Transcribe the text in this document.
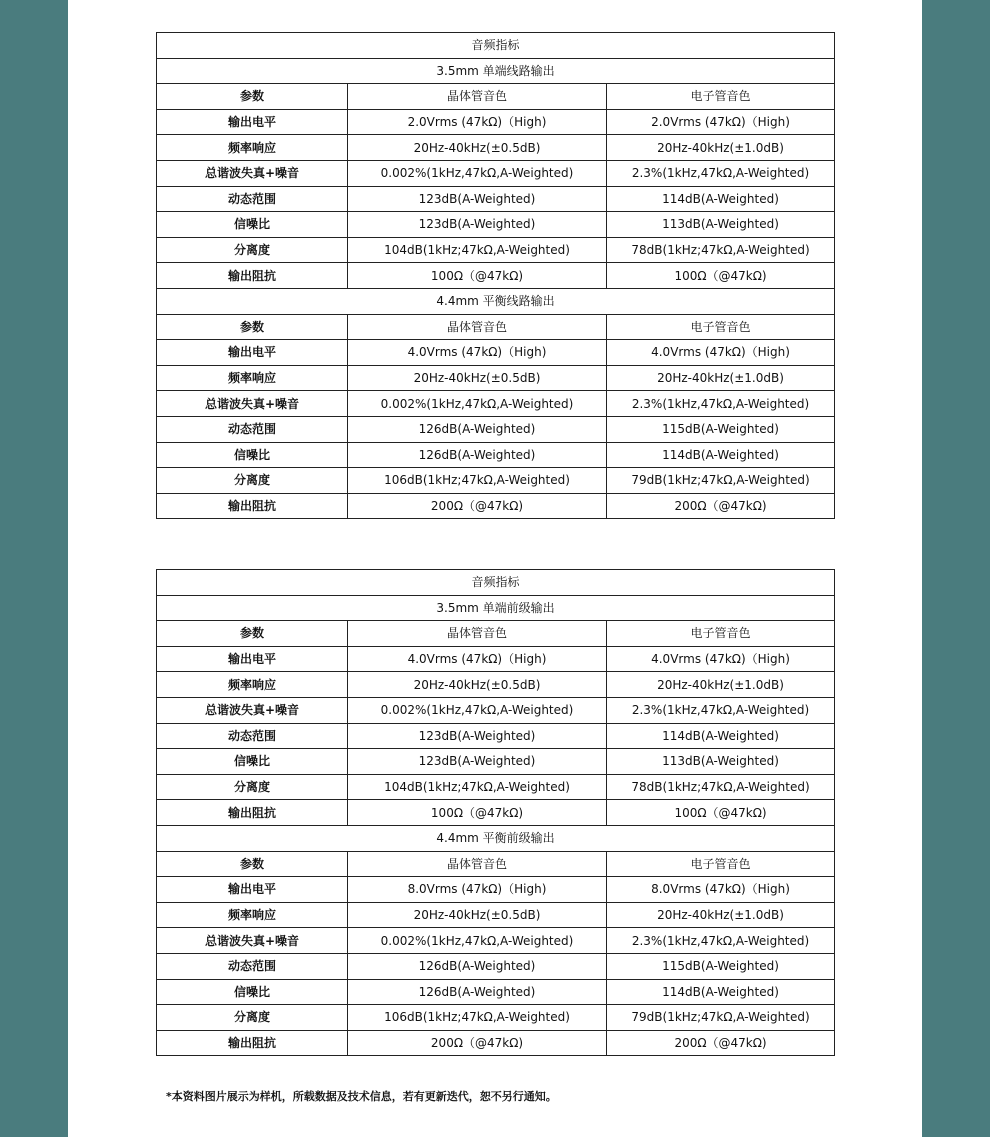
音频指标		
3.5mm 单端线路输出		
参数	晶体管音色	电子管音色
输出电平	2.0Vrms (47kΩ)（High)	2.0Vrms (47kΩ)（High)
频率响应	20Hz-40kHz(±0.5dB)	20Hz-40kHz(±1.0dB)
总谐波失真+噪音	0.002%(1kHz,47kΩ,A-Weighted)	2.3%(1kHz,47kΩ,A-Weighted)
动态范围	123dB(A-Weighted)	114dB(A-Weighted)
信噪比	123dB(A-Weighted)	113dB(A-Weighted)
分离度	104dB(1kHz;47kΩ,A-Weighted)	78dB(1kHz;47kΩ,A-Weighted)
输出阻抗	100Ω（@47kΩ)	100Ω（@47kΩ)
4.4mm 平衡线路输出		
参数	晶体管音色	电子管音色
输出电平	4.0Vrms (47kΩ)（High)	4.0Vrms (47kΩ)（High)
频率响应	20Hz-40kHz(±0.5dB)	20Hz-40kHz(±1.0dB)
总谐波失真+噪音	0.002%(1kHz,47kΩ,A-Weighted)	2.3%(1kHz,47kΩ,A-Weighted)
动态范围	126dB(A-Weighted)	115dB(A-Weighted)
信噪比	126dB(A-Weighted)	114dB(A-Weighted)
分离度	106dB(1kHz;47kΩ,A-Weighted)	79dB(1kHz;47kΩ,A-Weighted)
输出阻抗	200Ω（@47kΩ)	200Ω（@47kΩ)
音频指标		
3.5mm 单端前级输出		
参数	晶体管音色	电子管音色
输出电平	4.0Vrms (47kΩ)（High)	4.0Vrms (47kΩ)（High)
频率响应	20Hz-40kHz(±0.5dB)	20Hz-40kHz(±1.0dB)
总谐波失真+噪音	0.002%(1kHz,47kΩ,A-Weighted)	2.3%(1kHz,47kΩ,A-Weighted)
动态范围	123dB(A-Weighted)	114dB(A-Weighted)
信噪比	123dB(A-Weighted)	113dB(A-Weighted)
分离度	104dB(1kHz;47kΩ,A-Weighted)	78dB(1kHz;47kΩ,A-Weighted)
输出阻抗	100Ω（@47kΩ)	100Ω（@47kΩ)
4.4mm 平衡前级输出		
参数	晶体管音色	电子管音色
输出电平	8.0Vrms (47kΩ)（High)	8.0Vrms (47kΩ)（High)
频率响应	20Hz-40kHz(±0.5dB)	20Hz-40kHz(±1.0dB)
总谐波失真+噪音	0.002%(1kHz,47kΩ,A-Weighted)	2.3%(1kHz,47kΩ,A-Weighted)
动态范围	126dB(A-Weighted)	115dB(A-Weighted)
信噪比	126dB(A-Weighted)	114dB(A-Weighted)
分离度	106dB(1kHz;47kΩ,A-Weighted)	79dB(1kHz;47kΩ,A-Weighted)
输出阻抗	200Ω（@47kΩ)	200Ω（@47kΩ)
*本资料图片展示为样机，所载数据及技术信息，若有更新迭代，恕不另行通知。
